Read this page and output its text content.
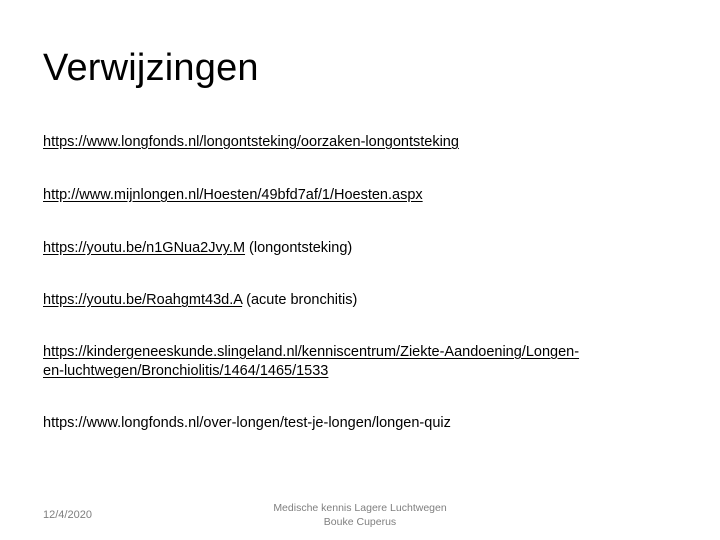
Verwijzingen
https://www.longfonds.nl/longontsteking/oorzaken-longontsteking
http://www.mijnlongen.nl/Hoesten/49bfd7af/1/Hoesten.aspx
https://youtu.be/n1GNua2Jvy.M (longontsteking)
https://youtu.be/Roahgmt43d.A (acute bronchitis)
https://kindergeneeskunde.slingeland.nl/kenniscentrum/Ziekte-Aandoening/Longen-
en-luchtwegen/Bronchiolitis/1464/1465/1533
https://www.longfonds.nl/over-longen/test-je-longen/longen-quiz
12/4/2020
Medische kennis Lagere Luchtwegen
Bouke Cuperus
